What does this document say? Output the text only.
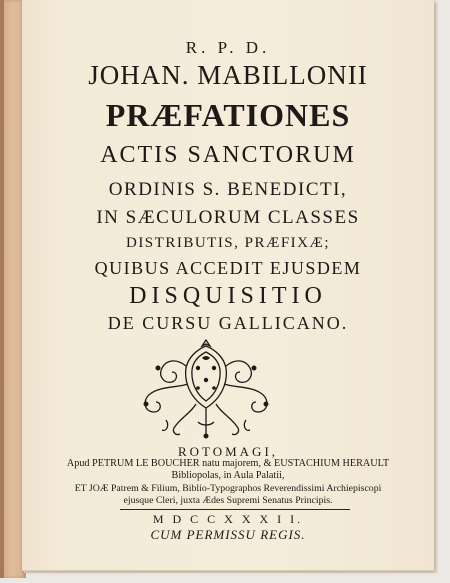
R. P. D.
JOHAN. MABILLONII
PRÆFATIONES
ACTIS SANCTORUM
ORDINIS S. BENEDICTI,
IN SÆCULORUM CLASSES
DISTRIBUTIS, PRÆFIXÆ;
QUIBUS ACCEDIT EJUSDEM
DISQUISITIO
DE CURSU GALLICANO.
ROTOMAGI,
Apud PETRUM LE BOUCHER natu majorem, & EUSTACHIUM HERAULT
Bibliopolas, in Aula Palatii,
ET JOÆ Patrem & Filium, Biblio-Typographos Reverendissimi Archiepiscopi
ejusque Cleri, juxta Ædes Supremi Senatus Principis.
M D C C X X X I I.
CUM PERMISSU REGIS.
